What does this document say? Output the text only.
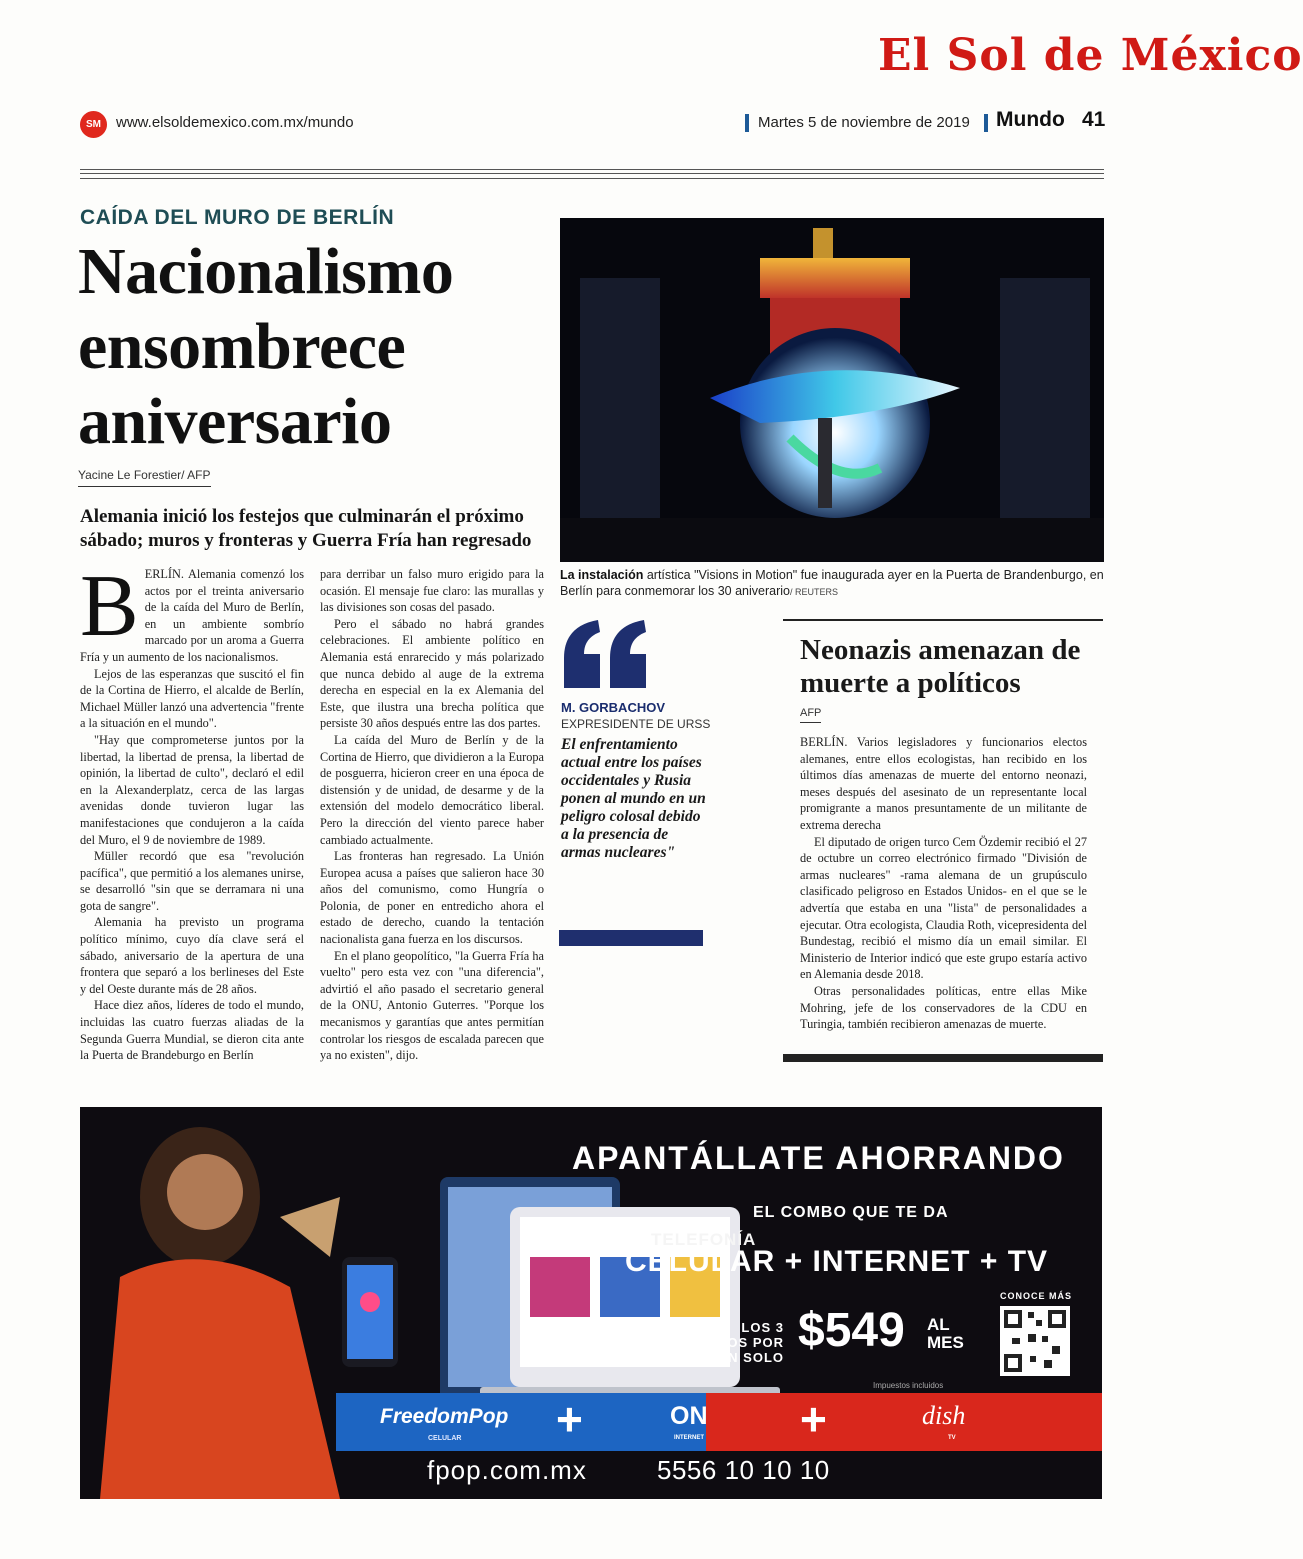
El Sol de México
SM	www.elsoldemexico.com.mx/mundo	Martes 5 de noviembre de 2019 Mundo 41
CAÍDA DEL MURO DE BERLÍN
Nacionalismo ensombrece aniversario
Yacine Le Forestier/ AFP
Alemania inició los festejos que culminarán el próximo sábado; muros y fronteras y Guerra Fría han regresado
B ERLÍN. Alemania comenzó los actos por el treinta aniversario de la caída del Muro de Berlín, en un ambiente sombrío marcado por un aroma a Guerra Fría y un aumento de los nacionalismos.

Lejos de las esperanzas que suscitó el fin de la Cortina de Hierro, el alcalde de Berlín, Michael Müller lanzó una advertencia "frente a la situación en el mundo".

"Hay que comprometerse juntos por la libertad, la libertad de prensa, la libertad de opinión, la libertad de culto", declaró el edil en la Alexanderplatz, cerca de las largas avenidas donde tuvieron lugar las manifestaciones que condujeron a la caída del Muro, el 9 de noviembre de 1989.

Müller recordó que esa "revolución pacífica", que permitió a los alemanes unirse, se desarrolló "sin que se derramara ni una gota de sangre".

Alemania ha previsto un programa político mínimo, cuyo día clave será el sábado, aniversario de la apertura de una frontera que separó a los berlineses del Este y del Oeste durante más de 28 años.

Hace diez años, líderes de todo el mundo, incluidas las cuatro fuerzas aliadas de la Segunda Guerra Mundial, se dieron cita ante la Puerta de Brandeburgo en Berlín

para derribar un falso muro erigido para la ocasión. El mensaje fue claro: las murallas y las divisiones son cosas del pasado.

Pero el sábado no habrá grandes celebraciones. El ambiente político en Alemania está enrarecido y más polarizado que nunca debido al auge de la extrema derecha en especial en la ex Alemania del Este, que ilustra una brecha política que persiste 30 años después entre las dos partes.

La caída del Muro de Berlín y de la Cortina de Hierro, que dividieron a la Europa de posguerra, hicieron creer en una época de distensión y de unidad, de desarme y de la extensión del modelo democrático liberal. Pero la dirección del viento parece haber cambiado actualmente.

Las fronteras han regresado. La Unión Europea acusa a países que salieron hace 30 años del comunismo, como Hungría o Polonia, de poner en entredicho ahora el estado de derecho, cuando la tentación nacionalista gana fuerza en los discursos.

En el plano geopolítico, "la Guerra Fría ha vuelto" pero esta vez con "una diferencia", advirtió el año pasado el secretario general de la ONU, Antonio Guterres. "Porque los mecanismos y garantías que antes permitían controlar los riesgos de escalada parecen que ya no existen", dijo.

La instalación artística "Visions in Motion" fue inaugurada ayer en la Puerta de Brandenburgo, en Berlín para conmemorar los 30 aniverario/ REUTERS
M. GORBACHOV
EXPRESIDENTE DE URSS
El enfrentamiento actual entre los países occidentales y Rusia ponen al mundo en un peligro colosal debido a la presencia de armas nucleares"
Neonazis amenazan de muerte a políticos
AFP

BERLÍN. Varios legisladores y funcionarios electos alemanes, entre ellos ecologistas, han recibido en los últimos días amenazas de muerte del entorno neonazi, meses después del asesinato de un representante local promigrante a manos presuntamente de un militante de extrema derecha

El diputado de origen turco Cem Özdemir recibió el 27 de octubre un correo electrónico firmado "División de armas nucleares" -rama alemana de un grupúsculo clasificado peligroso en Estados Unidos- en el que se le advertía que estaba en una "lista" de personalidades a ejecutar. Otra ecologista, Claudia Roth, vicepresidenta del Bundestag, recibió el mismo día un email similar. El Ministerio de Interior indicó que este grupo estaría activo en Alemania desde 2018.

Otras personalidades políticas, entre ellas Mike Mohring, jefe de los conservadores de la CDU en Turingia, también recibieron amenazas de muerte.

APANTÁLLATE AHORRANDO
EL COMBO QUE TE DA
TELEFONÍA
CELULAR + INTERNET + TV
LOS 3 SERVICIOS POR TAN SOLO
$549 AL MES
Impuestos incluidos
CONOCE MÁS
FreedomPop
CELULAR +	ON
INTERNET +	dish
TV
fpop.com.mx	5556 10 10 10
